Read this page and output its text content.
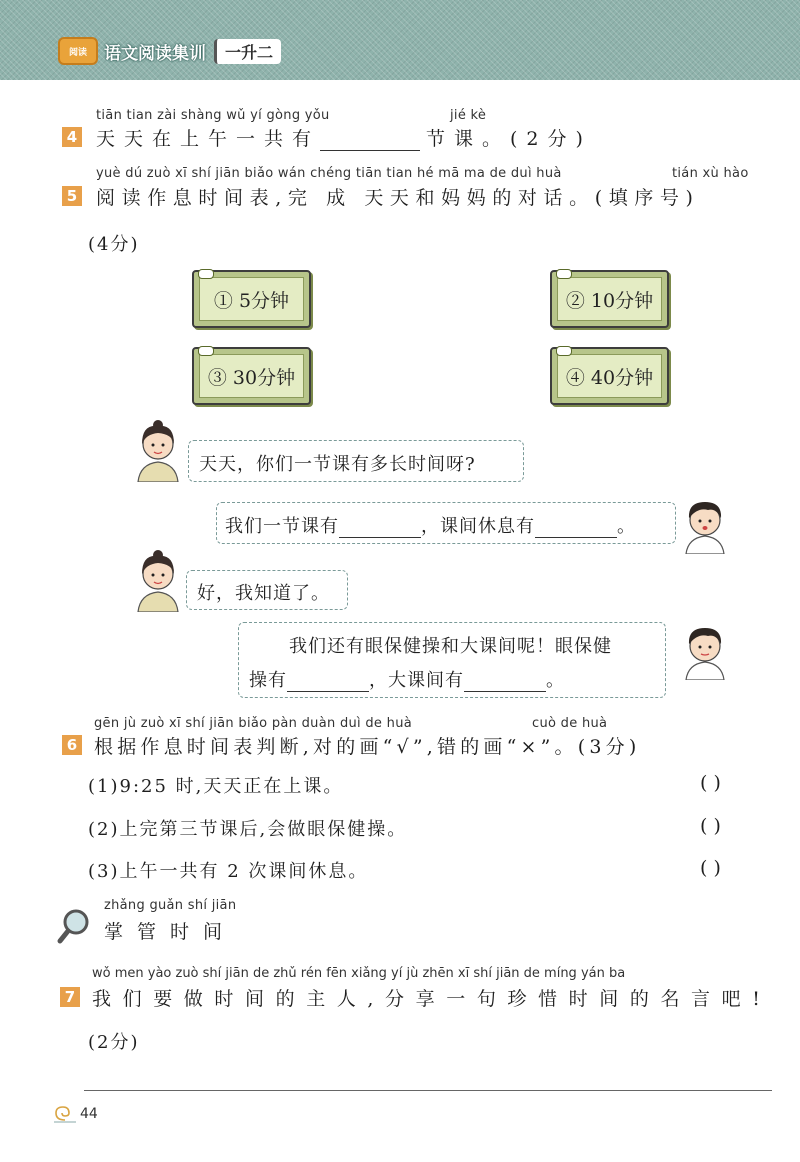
阅读	语文阅读集训	一升二
tiān tian zài shàng wǔ yí gòng yǒu	jié kè
4 天天在上午一共有	节课。(2分)
yuè dú zuò xī shí jiān biǎo wán chéng tiān tian hé mā ma de duì huà	tián xù hào
5 阅读作息时间表,完 成 天天和妈妈的对话。(填序号)
(4分)
① 5分钟	② 10分钟
③ 30分钟	④ 40分钟
天天，你们一节课有多长时间呀?
我们一节课有	，课间休息有	。
好，我知道了。
我们还有眼保健操和大课间呢！眼保健
操有	，大课间有	。
gēn jù zuò xī shí jiān biǎo pàn duàn duì de huà	cuò de huà
6 根据作息时间表判断,对的画“√”,错的画“×”。(3分)
(1)9:25 时,天天正在上课。	( )
(2)上完第三节课后,会做眼保健操。	( )
(3)上午一共有 2 次课间休息。	( )
zhǎng guǎn shí jiān
掌管时间
wǒ men yào zuò shí jiān de zhǔ rén fēn xiǎng yí jù zhēn xī shí jiān de míng yán ba
7 我们要做时间的主人,分享一句珍惜时间的名言吧!
(2分)
44
